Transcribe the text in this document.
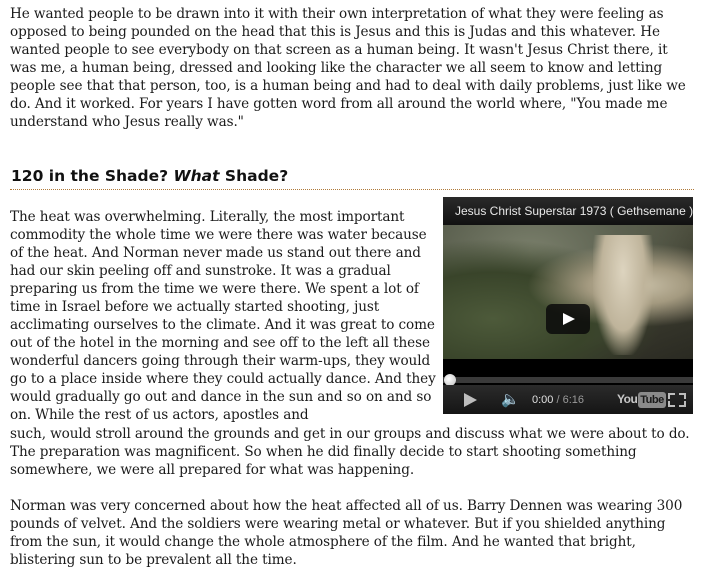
He wanted people to be drawn into it with their own interpretation of what they were feeling as opposed to being pounded on the head that this is Jesus and this is Judas and this whatever. He wanted people to see everybody on that screen as a human being. It wasn't Jesus Christ there, it was me, a human being, dressed and looking like the character we all seem to know and letting people see that that person, too, is a human being and had to deal with daily problems, just like we do. And it worked. For years I have gotten word from all around the world where, "You made me understand who Jesus really was."

120 in the Shade? What Shade?
Jesus Christ Superstar 1973 ( Gethsemane )
🔈	0:00 / 6:16	You Tube

The heat was overwhelming. Literally, the most important commodity the whole time we were there was water because of the heat. And Norman never made us stand out there and had our skin peeling off and sunstroke. It was a gradual preparing us from the time we were there. We spent a lot of time in Israel before we actually started shooting, just acclimating ourselves to the climate. And it was great to come out of the hotel in the morning and see off to the left all these wonderful dancers going through their warm-ups, they would go to a place inside where they could actually dance. And they would gradually go out and dance in the sun and so on and so on. While the rest of us actors, apostles and

such, would stroll around the grounds and get in our groups and discuss what we were about to do. The preparation was magnificent. So when he did finally decide to start shooting something somewhere, we were all prepared for what was happening.

Norman was very concerned about how the heat affected all of us. Barry Dennen was wearing 300 pounds of velvet. And the soldiers were wearing metal or whatever. But if you shielded anything from the sun, it would change the whole atmosphere of the film. And he wanted that bright, blistering sun to be prevalent all the time.
